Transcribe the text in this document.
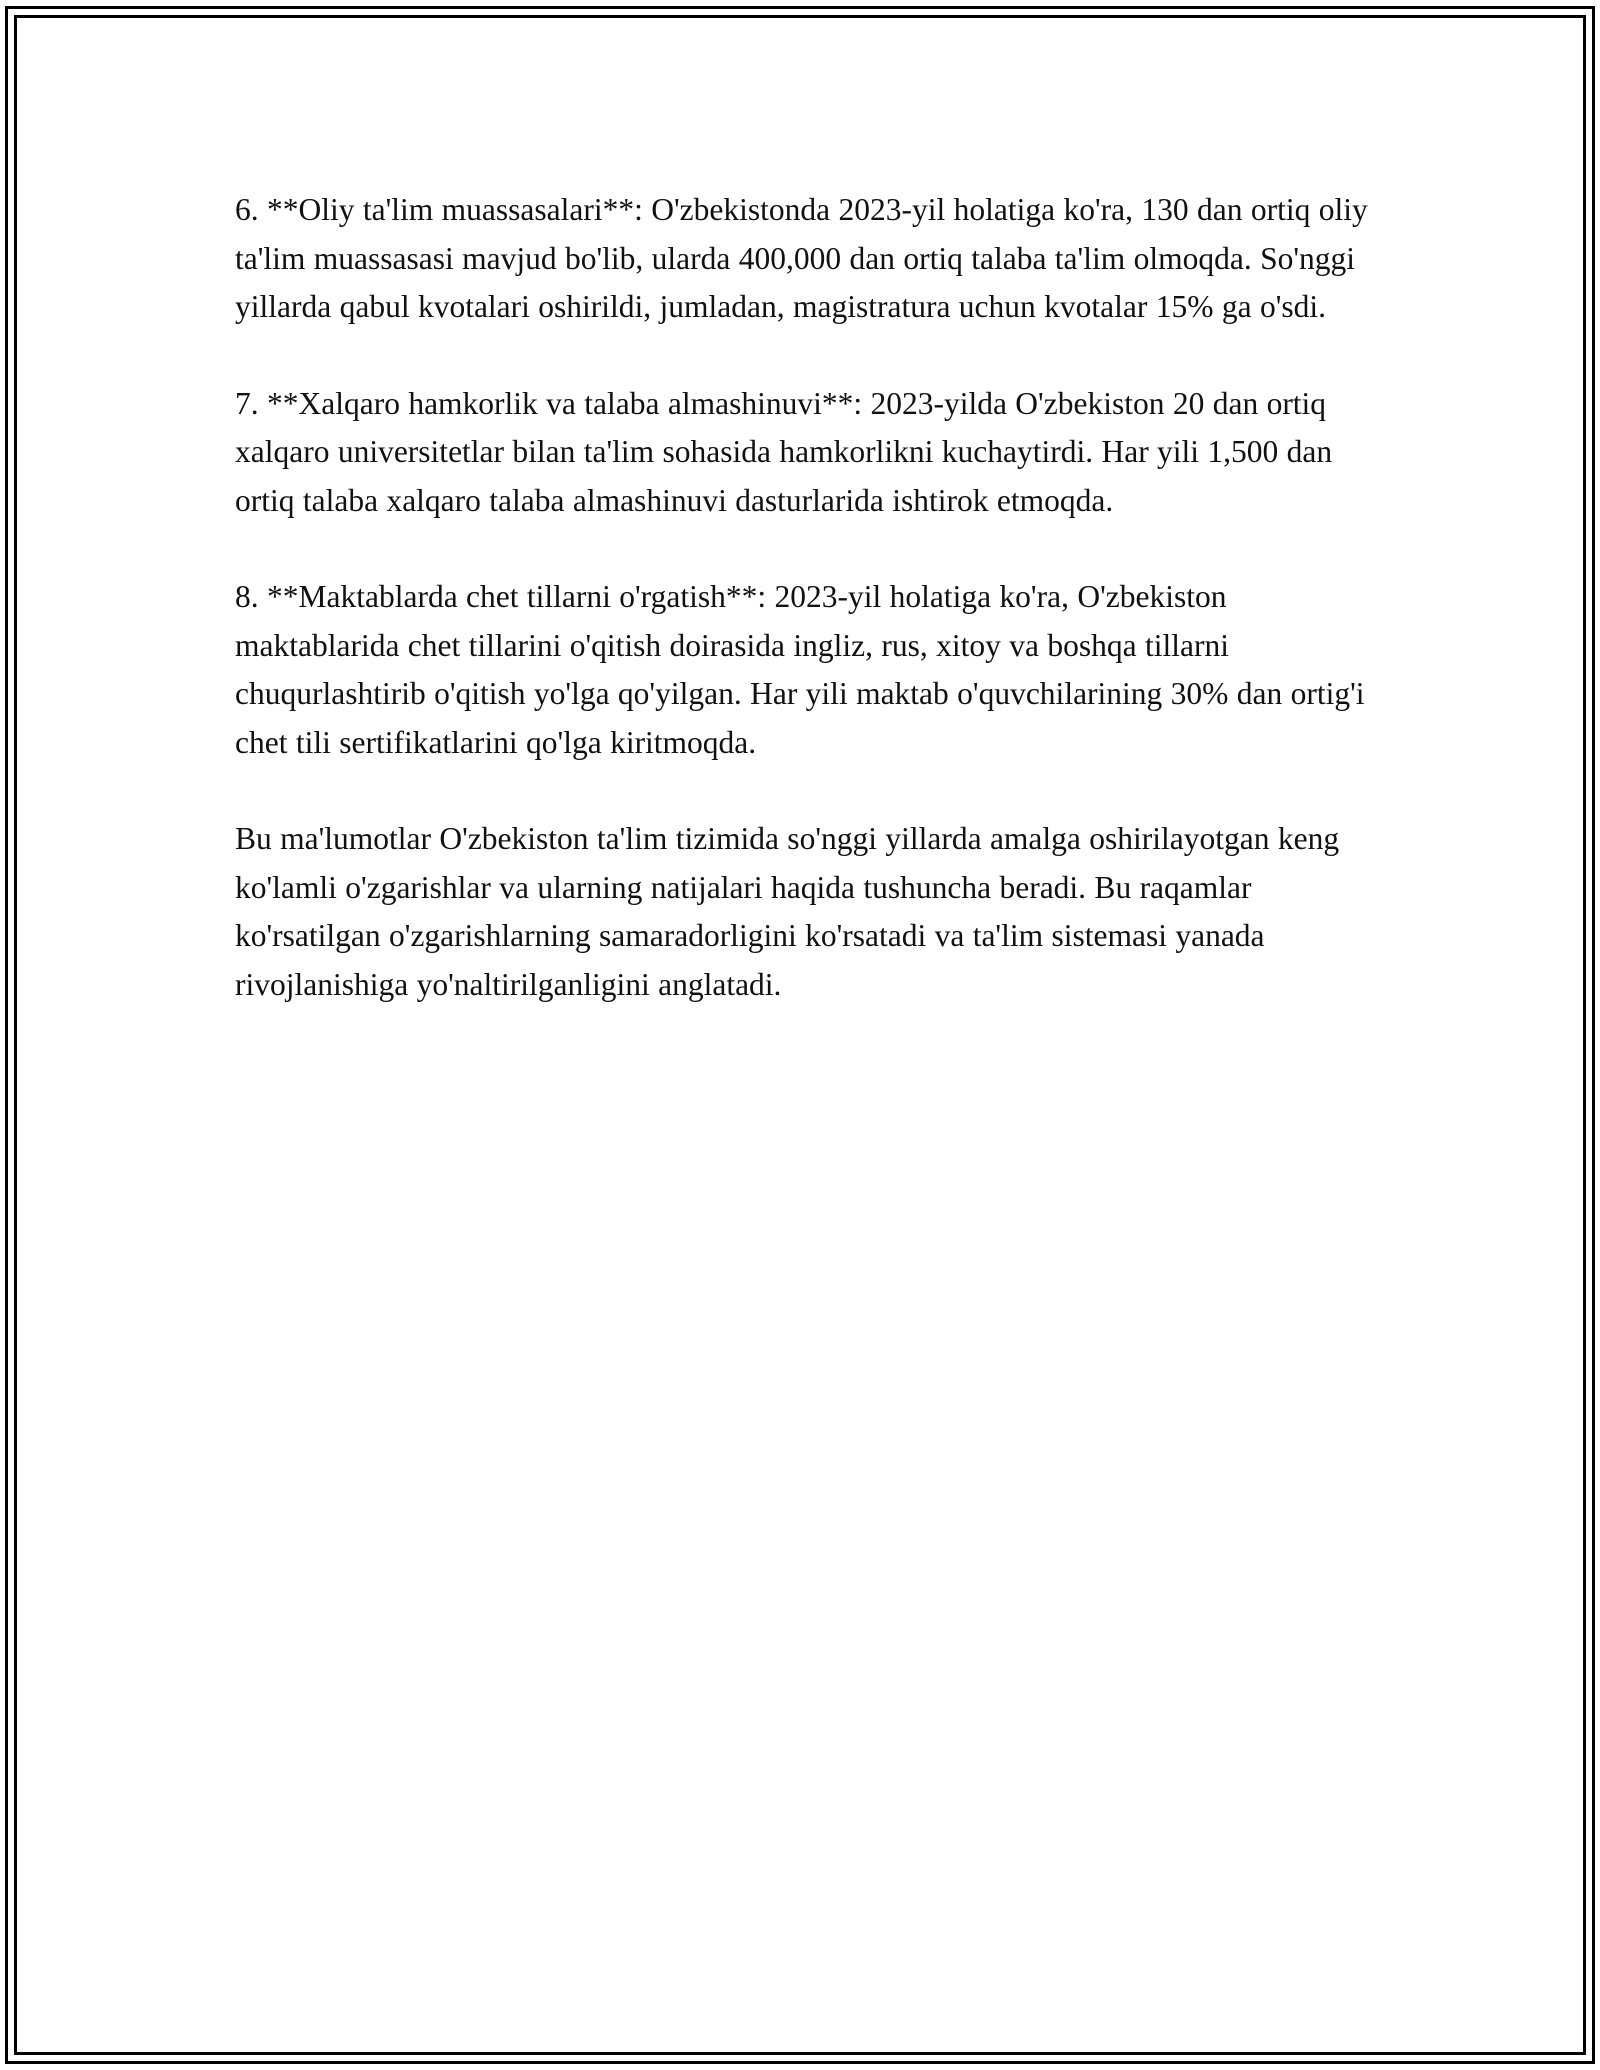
6. **Oliy ta'lim muassasalari**: O'zbekistonda 2023-yil holatiga ko'ra, 130 dan ortiq oliy ta'lim muassasasi mavjud bo'lib, ularda 400,000 dan ortiq talaba ta'lim olmoqda. So'nggi yillarda qabul kvotalari oshirildi, jumladan, magistratura uchun kvotalar 15% ga o'sdi.

7. **Xalqaro hamkorlik va talaba almashinuvi**: 2023-yilda O'zbekiston 20 dan ortiq xalqaro universitetlar bilan ta'lim sohasida hamkorlikni kuchaytirdi. Har yili 1,500 dan ortiq talaba xalqaro talaba almashinuvi dasturlarida ishtirok etmoqda.

8. **Maktablarda chet tillarni o'rgatish**: 2023-yil holatiga ko'ra, O'zbekiston maktablarida chet tillarini o'qitish doirasida ingliz, rus, xitoy va boshqa tillarni chuqurlashtirib o'qitish yo'lga qo'yilgan. Har yili maktab o'quvchilarining 30% dan ortig'i chet tili sertifikatlarini qo'lga kiritmoqda.

Bu ma'lumotlar O'zbekiston ta'lim tizimida so'nggi yillarda amalga oshirilayotgan keng ko'lamli o'zgarishlar va ularning natijalari haqida tushuncha beradi. Bu raqamlar ko'rsatilgan o'zgarishlarning samaradorligini ko'rsatadi va ta'lim sistemasi yanada rivojlanishiga yo'naltirilganligini anglatadi.
